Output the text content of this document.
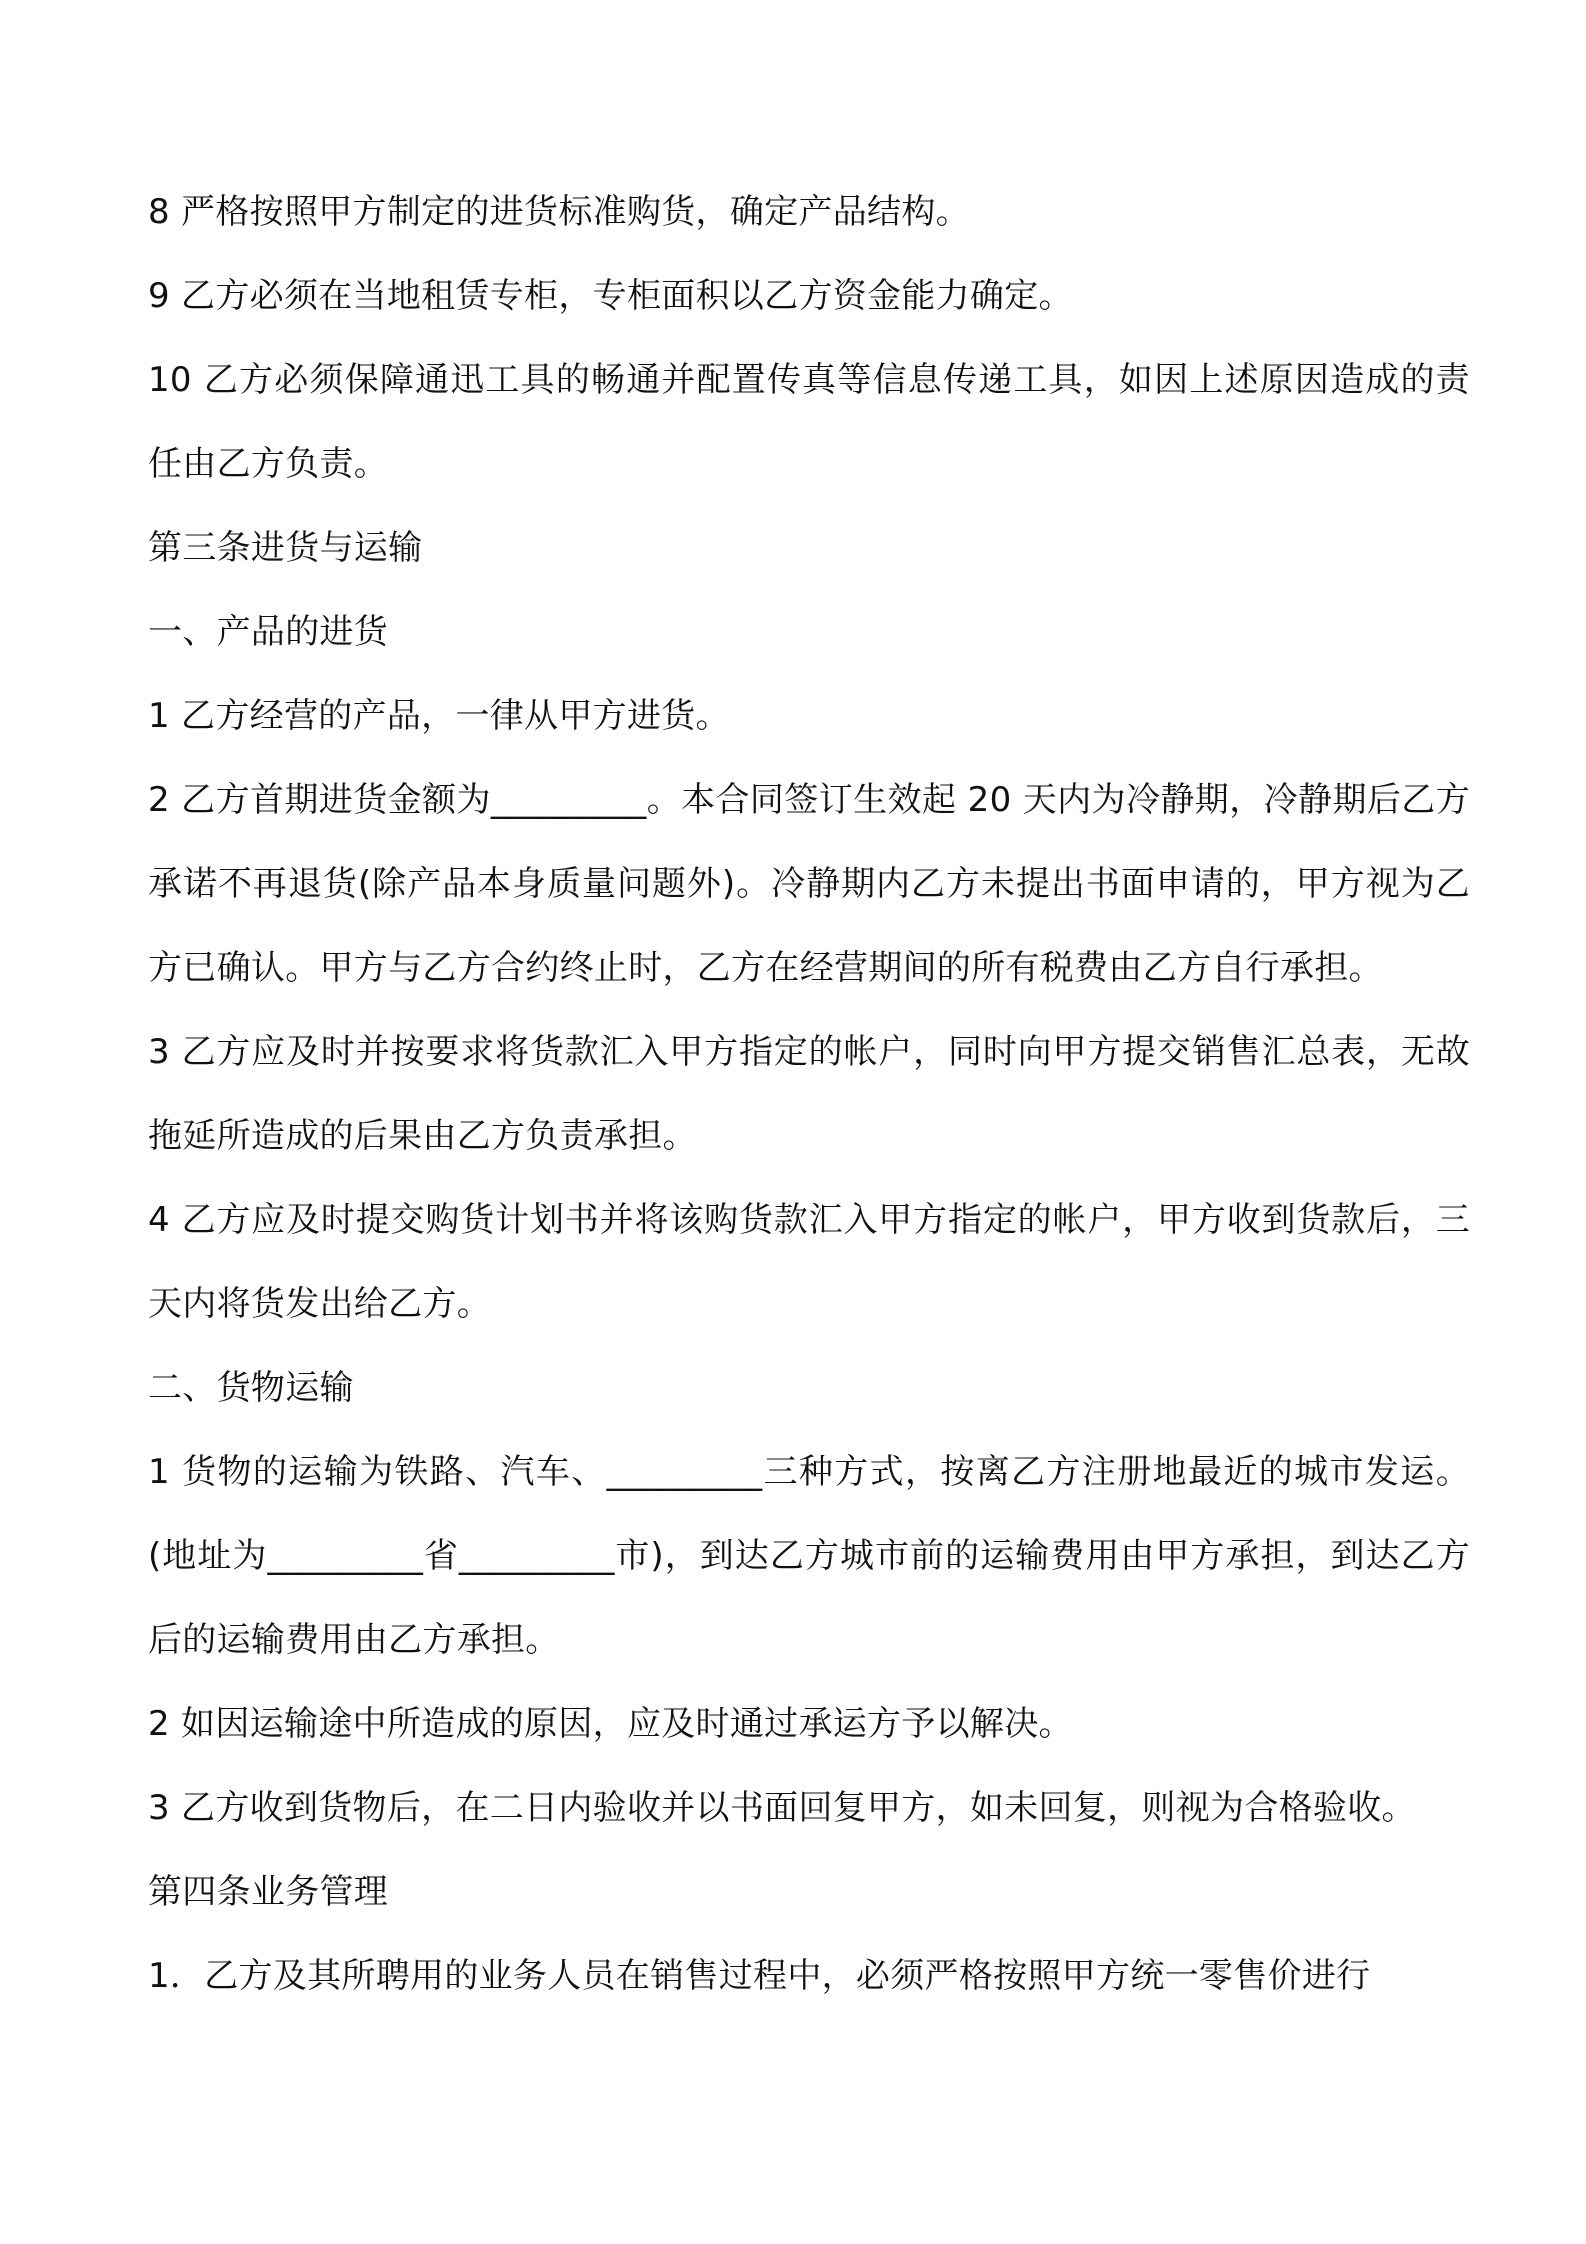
8 严格按照甲方制定的进货标准购货，确定产品结构。

9 乙方必须在当地租赁专柜，专柜面积以乙方资金能力确定。

10 乙方必须保障通迅工具的畅通并配置传真等信息传递工具，如因上述原因造成的责任由乙方负责。

第三条进货与运输

一、产品的进货

1 乙方经营的产品，一律从甲方进货。

2 乙方首期进货金额为_________。本合同签订生效起 20 天内为冷静期，冷静期后乙方承诺不再退货(除产品本身质量问题外)。冷静期内乙方未提出书面申请的，甲方视为乙方已确认。甲方与乙方合约终止时，乙方在经营期间的所有税费由乙方自行承担。

3 乙方应及时并按要求将货款汇入甲方指定的帐户，同时向甲方提交销售汇总表，无故拖延所造成的后果由乙方负责承担。

4 乙方应及时提交购货计划书并将该购货款汇入甲方指定的帐户，甲方收到货款后，三天内将货发出给乙方。

二、货物运输

1 货物的运输为铁路、汽车、_________三种方式，按离乙方注册地最近的城市发运。(地址为_________省_________市)，到达乙方城市前的运输费用由甲方承担，到达乙方后的运输费用由乙方承担。

2 如因运输途中所造成的原因，应及时通过承运方予以解决。

3 乙方收到货物后，在二日内验收并以书面回复甲方，如未回复，则视为合格验收。

第四条业务管理

1．乙方及其所聘用的业务人员在销售过程中，必须严格按照甲方统一零售价进行
